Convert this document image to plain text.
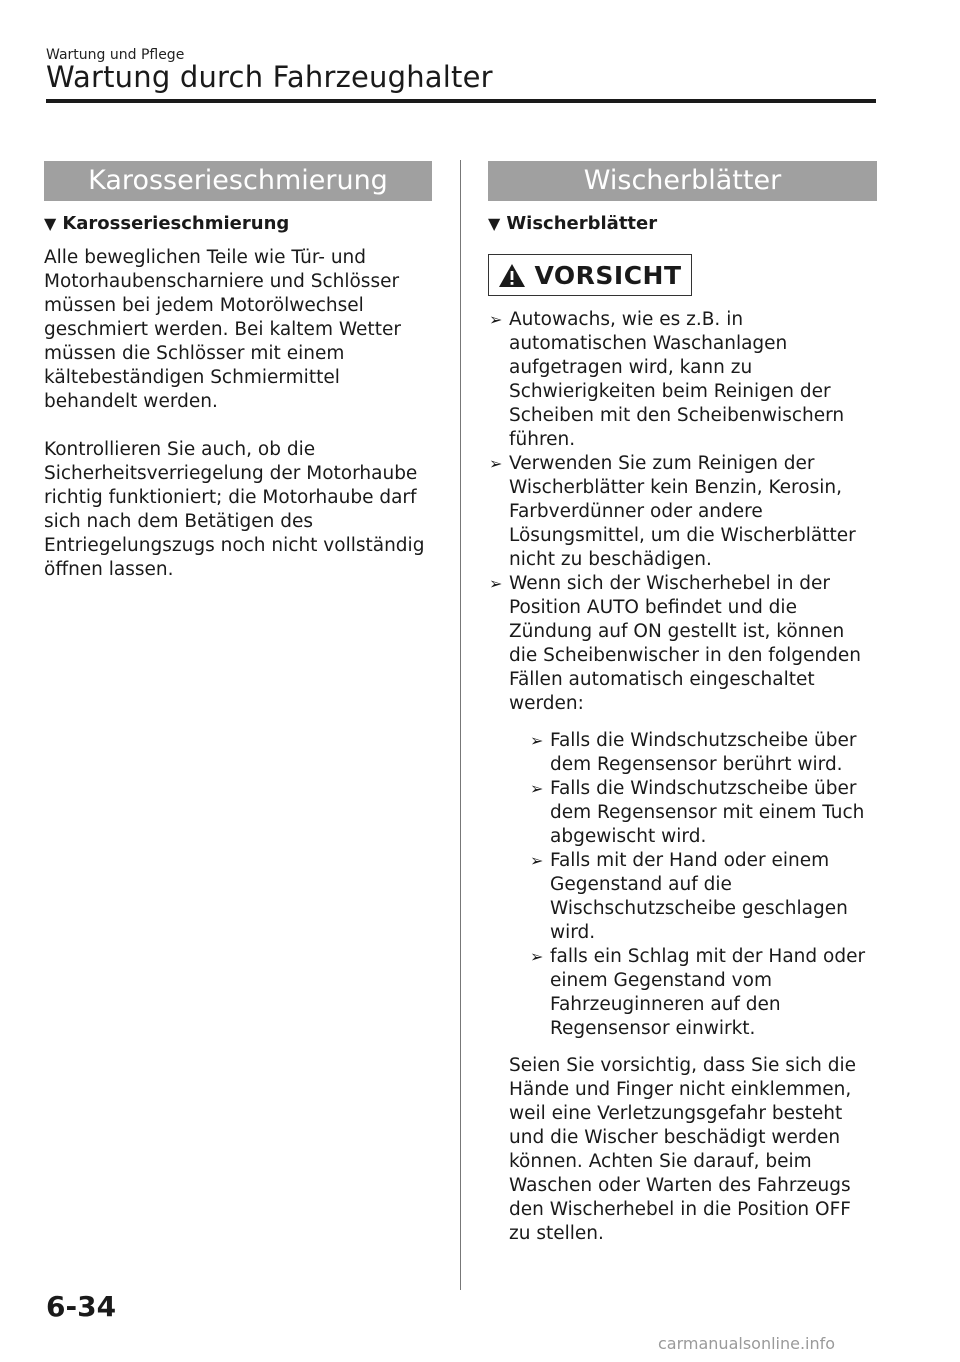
Wartung und Pflege
Wartung durch Fahrzeughalter
Karosserieschmierung
▼ Karosserieschmierung

Alle beweglichen Teile wie Tür- und Motorhaubenscharniere und Schlösser müssen bei jedem Motorölwechsel geschmiert werden. Bei kaltem Wetter müssen die Schlösser mit einem kältebeständigen Schmiermittel behandelt werden.

Kontrollieren Sie auch, ob die Sicherheitsverriegelung der Motorhaube richtig funktioniert; die Motorhaube darf sich nach dem Betätigen des Entriegelungszugs noch nicht vollständig öffnen lassen.

Wischerblätter
▼ Wischerblätter
VORSICHT
➢ Autowachs, wie es z.B. in automatischen Waschanlagen aufgetragen wird, kann zu Schwierigkeiten beim Reinigen der Scheiben mit den Scheibenwischern führen.
➢ Verwenden Sie zum Reinigen der Wischerblätter kein Benzin, Kerosin, Farbverdünner oder andere Lösungsmittel, um die Wischerblätter nicht zu beschädigen.
➢ Wenn sich der Wischerhebel in der Position AUTO befindet und die Zündung auf ON gestellt ist, können die Scheibenwischer in den folgenden Fällen automatisch eingeschaltet werden:
➢ Falls die Windschutzscheibe über dem Regensensor berührt wird.
➢ Falls die Windschutzscheibe über dem Regensensor mit einem Tuch abgewischt wird.
➢ Falls mit der Hand oder einem Gegenstand auf die Wischschutzscheibe geschlagen wird.
➢ falls ein Schlag mit der Hand oder einem Gegenstand vom Fahrzeuginneren auf den Regensensor einwirkt.

Seien Sie vorsichtig, dass Sie sich die Hände und Finger nicht einklemmen, weil eine Verletzungsgefahr besteht und die Wischer beschädigt werden können. Achten Sie darauf, beim Waschen oder Warten des Fahrzeugs den Wischerhebel in die Position OFF zu stellen.

6-34
carmanualsonline.info
